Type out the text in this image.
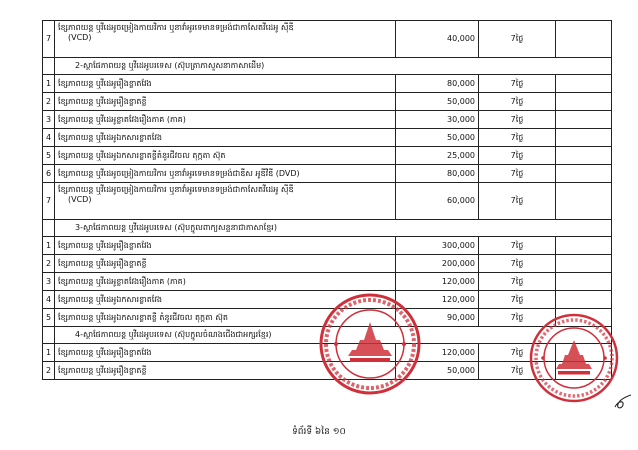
7	ខ្សែភាពយន្ត ឬវីដេអូចម្រៀងកាយវិការ ឬនាវាំអូរទេមានទម្រង់ជាកាសែតវីដេអូ ស៊ីឌី
(VCD)	40,000	7ថ្ងៃ	
	2-ស្ថាផែភាពយន្ត ឬវីដេអូបរទេស (ស៊ុបត្រាភាសួសនាភាសាដើម)			
1	ខ្សែភាពយន្ត ឬវីដេអូរឿងខ្លាតវែង	80,000	7ថ្ងៃ	
2	ខ្សែភាពយន្ត ឬវីដេអូរឿងខ្លាតខ្លី	50,000	7ថ្ងៃ	
3	ខ្សែភាពយន្ត ឬវីដេអូខ្លាតវែងរឿងភាគ (ភាគ)	30,000	7ថ្ងៃ	
4	ខ្សែភាពយន្ត ឬវីដេអូឯកសារខ្លាតវែង	50,000	7ថ្ងៃ	
5	ខ្សែភាពយន្ត ឬវីដេអូឯកសារខ្លាតខ្លីតំនូរជីវចល តុក្កតា ស៊ុត	25,000	7ថ្ងៃ	
6	ខ្សែភាពយន្ត ឬវីដេអូចម្រៀងកាយវិការ ឬនាវាំអូរទេមានទម្រង់ជាឌីស អូឌីវីឌី (DVD)	80,000	7ថ្ងៃ	
7	ខ្សែភាពយន្ត ឬវីដេអូចម្រៀងកាយវិការ ឬនាវាំអូរទេមានទម្រង់ជាកាសែតវីដេអូ ស៊ីឌី
(VCD)	60,000	7ថ្ងៃ	
	3-ស្ថាផែភាពយន្ត ឬវីដេអូបរទេស (ស៊ុបក្ចូលពាក្យសន្ទនាជាភាសាខ្មែរ)			
1	ខ្សែភាពយន្ត ឬវីដេអូរឿងខ្លាតវែង	300,000	7ថ្ងៃ	
2	ខ្សែភាពយន្ត ឬវីដេអូរឿងខ្លាតខ្លី	200,000	7ថ្ងៃ	
3	ខ្សែភាពយន្ត ឬវីដេអូខ្លាតវែងរឿងភាគ (ភាគ)	120,000	7ថ្ងៃ	
4	ខ្សែភាពយន្ត ឬវីដេអូឯកសារខ្លាតវែង	120,000	7ថ្ងៃ	
5	ខ្សែភាពយន្ត ឬវីដេអូឯកសារខ្លាតខ្លី តំនូរជីវចល តុក្កតា ស៊ុត	90,000	7ថ្ងៃ	
	4-ស្ថាផែភាពយន្ត ឬវីដេអូបរទេស (ស៊ុបក្ចូលចំណងជើងជាអក្សរខ្មែរ)			
1	ខ្សែភាពយន្ត ឬវីដេអូរឿងខ្លាតវែង	120,000	7ថ្ងៃ	
2	ខ្សែភាពយន្ត ឬវីដេអូរឿងខ្លាតខ្លី	50,000	7ថ្ងៃ	
ទំព័រទី ៦នៃ ១០
